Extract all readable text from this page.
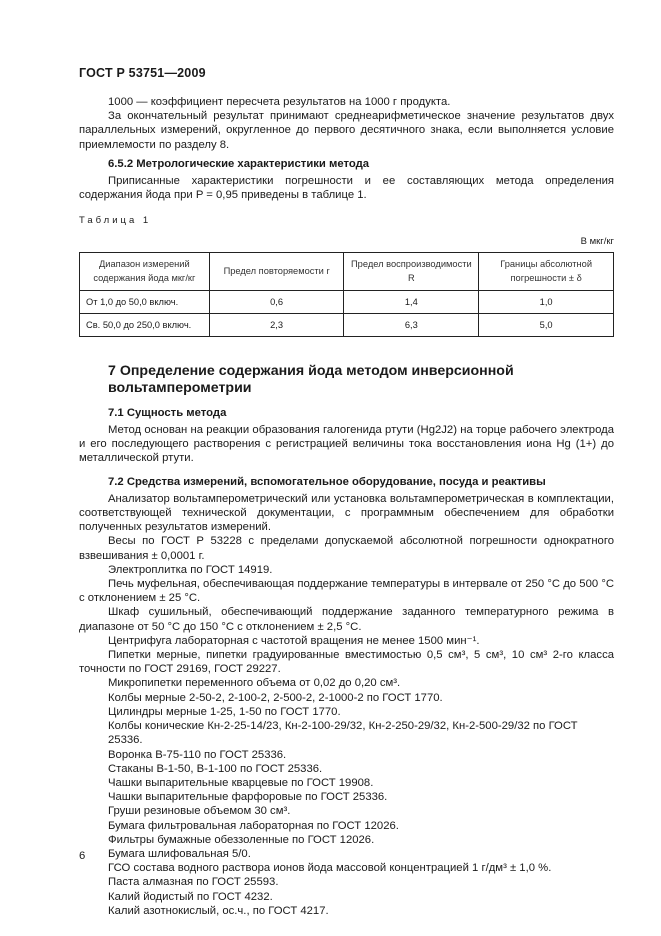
ГОСТ Р 53751—2009

1000 — коэффициент пересчета результатов на 1000 г продукта.

За окончательный результат принимают среднеарифметическое значение результатов двух параллельных измерений, округленное до первого десятичного знака, если выполняется условие приемлемости по разделу 8.

6.5.2 Метрологические характеристики метода

Приписанные характеристики погрешности и ее составляющих метода определения содержания йода при P = 0,95 приведены в таблице 1.

Таблица 1
В мкг/кг
Диапазон измерений содержания йода мкг/кг	Предел повторяемости r	Предел воспроизводимости R	Границы абсолютной погрешности ± δ
От 1,0 до 50,0 включ.	0,6	1,4	1,0
Св. 50,0 до 250,0 включ.	2,3	6,3	5,0

7 Определение содержания йода методом инверсионной вольтамперометрии

7.1 Сущность метода

Метод основан на реакции образования галогенида ртути (Hg2J2) на торце рабочего электрода и его последующего растворения с регистрацией величины тока восстановления иона Hg (1+) до металлической ртути.

7.2 Средства измерений, вспомогательное оборудование, посуда и реактивы

Анализатор вольтамперометрический или установка вольтамперометрическая в комплектации, соответствующей технической документации, с программным обеспечением для обработки полученных результатов измерений.

Весы по ГОСТ Р 53228 с пределами допускаемой абсолютной погрешности однократного взвешивания ± 0,0001 г.

Электроплитка по ГОСТ 14919.

Печь муфельная, обеспечивающая поддержание температуры в интервале от 250 °С до 500 °С с отклонением ± 25 °С.

Шкаф сушильный, обеспечивающий поддержание заданного температурного режима в диапазоне от 50 °С до 150 °С с отклонением ± 2,5 °С.

Центрифуга лабораторная с частотой вращения не менее 1500 мин⁻¹.

Пипетки мерные, пипетки градуированные вместимостью 0,5 см³, 5 см³, 10 см³ 2-го класса точности по ГОСТ 29169, ГОСТ 29227.

Микропипетки переменного объема от 0,02 до 0,20 см³.

Колбы мерные 2-50-2, 2-100-2, 2-500-2, 2-1000-2 по ГОСТ 1770.

Цилиндры мерные 1-25, 1-50 по ГОСТ 1770.

Колбы конические Кн-2-25-14/23, Кн-2-100-29/32, Кн-2-250-29/32, Кн-2-500-29/32 по ГОСТ 25336.

Воронка В-75-110 по ГОСТ 25336.

Стаканы В-1-50, В-1-100 по ГОСТ 25336.

Чашки выпарительные кварцевые по ГОСТ 19908.

Чашки выпарительные фарфоровые по ГОСТ 25336.

Груши резиновые объемом 30 см³.

Бумага фильтровальная лабораторная по ГОСТ 12026.

Фильтры бумажные обеззоленные по ГОСТ 12026.

Бумага шлифовальная 5/0.

ГСО состава водного раствора ионов йода массовой концентрацией 1 г/дм³ ± 1,0 %.

Паста алмазная по ГОСТ 25593.

Калий йодистый по ГОСТ 4232.

Калий азотнокислый, ос.ч., по ГОСТ 4217.

6
